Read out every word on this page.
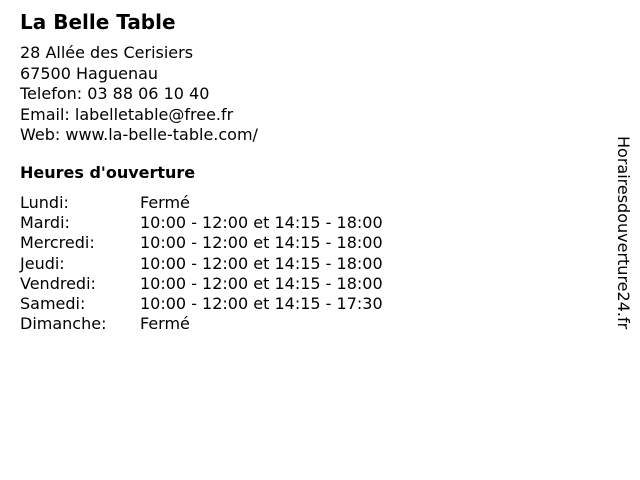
La Belle Table
28 Allée des Cerisiers
67500 Haguenau
Telefon: 03 88 06 10 40
Email: labelletable@free.fr
Web: www.la-belle-table.com/
Heures d'ouverture
Lundi:	Fermé
Mardi:	10:00 - 12:00 et 14:15 - 18:00
Mercredi:	10:00 - 12:00 et 14:15 - 18:00
Jeudi:	10:00 - 12:00 et 14:15 - 18:00
Vendredi:	10:00 - 12:00 et 14:15 - 18:00
Samedi:	10:00 - 12:00 et 14:15 - 17:30
Dimanche:	Fermé	Horairesdouverture24.fr
